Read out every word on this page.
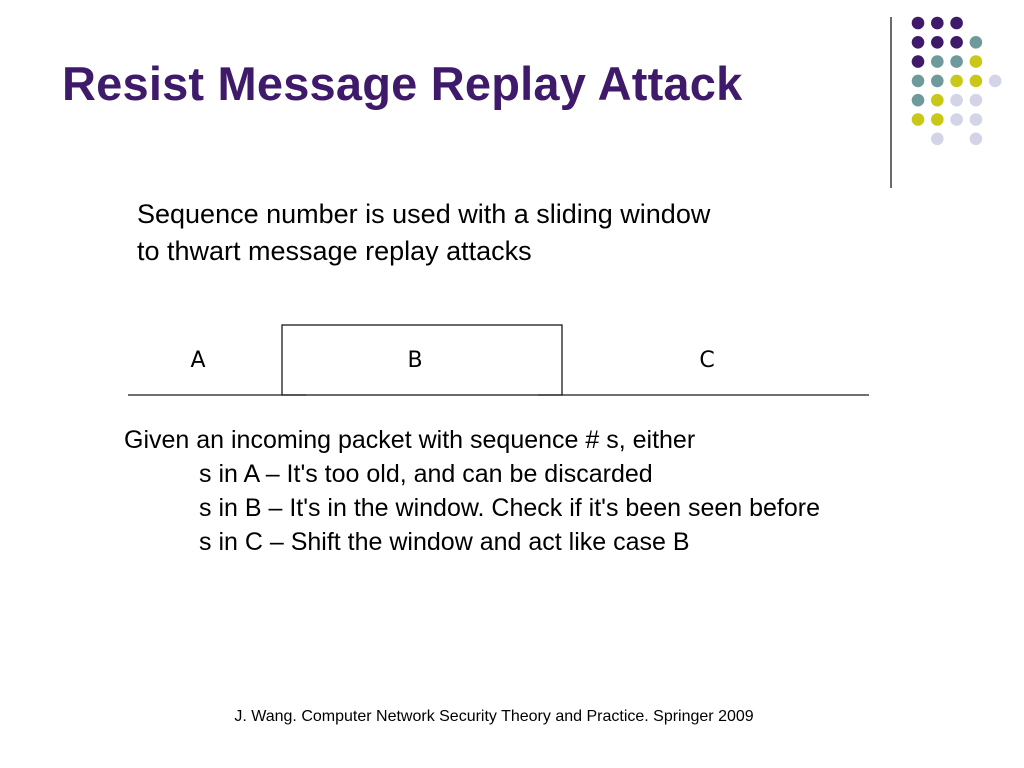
Resist Message Replay Attack

Sequence number is used with a sliding window
to thwart message replay attacks

A	B	C
Given an incoming packet with sequence # s, either
s in A – It's too old, and can be discarded
s in B – It's in the window. Check if it's been seen before
s in C – Shift the window and act like case B
J. Wang. Computer Network Security Theory and Practice. Springer 2009
